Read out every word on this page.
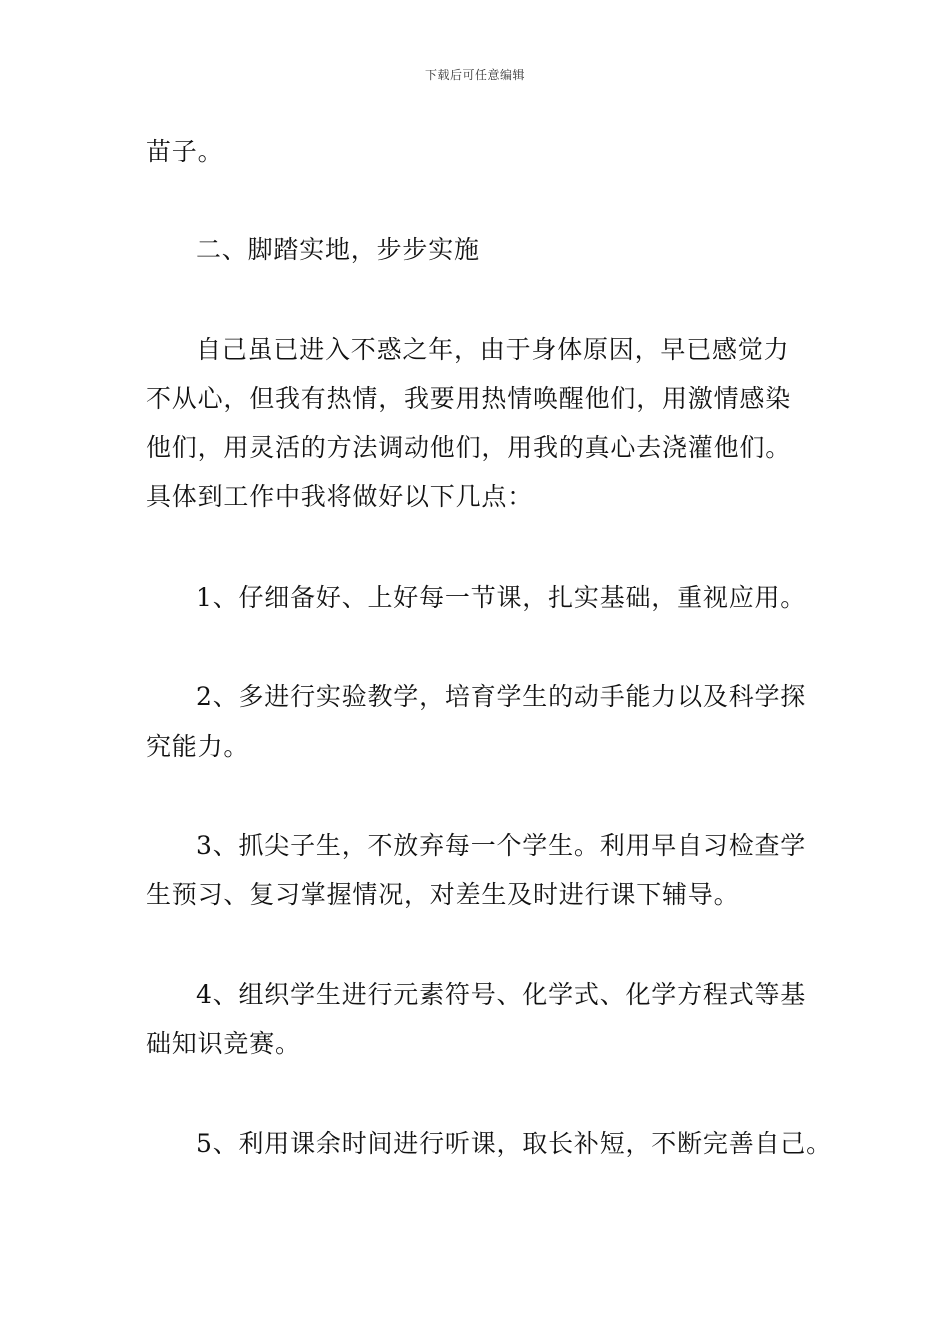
下载后可任意编辑
苗子。
二、脚踏实地，步步实施
自己虽已进入不惑之年，由于身体原因，早已感觉力
不从心，但我有热情，我要用热情唤醒他们，用激情感染
他们，用灵活的方法调动他们，用我的真心去浇灌他们。
具体到工作中我将做好以下几点：
1、仔细备好、上好每一节课，扎实基础，重视应用。
2、多进行实验教学，培育学生的动手能力以及科学探
究能力。
3、抓尖子生，不放弃每一个学生。利用早自习检查学
生预习、复习掌握情况，对差生及时进行课下辅导。
4、组织学生进行元素符号、化学式、化学方程式等基
础知识竞赛。
5、利用课余时间进行听课，取长补短，不断完善自己。
